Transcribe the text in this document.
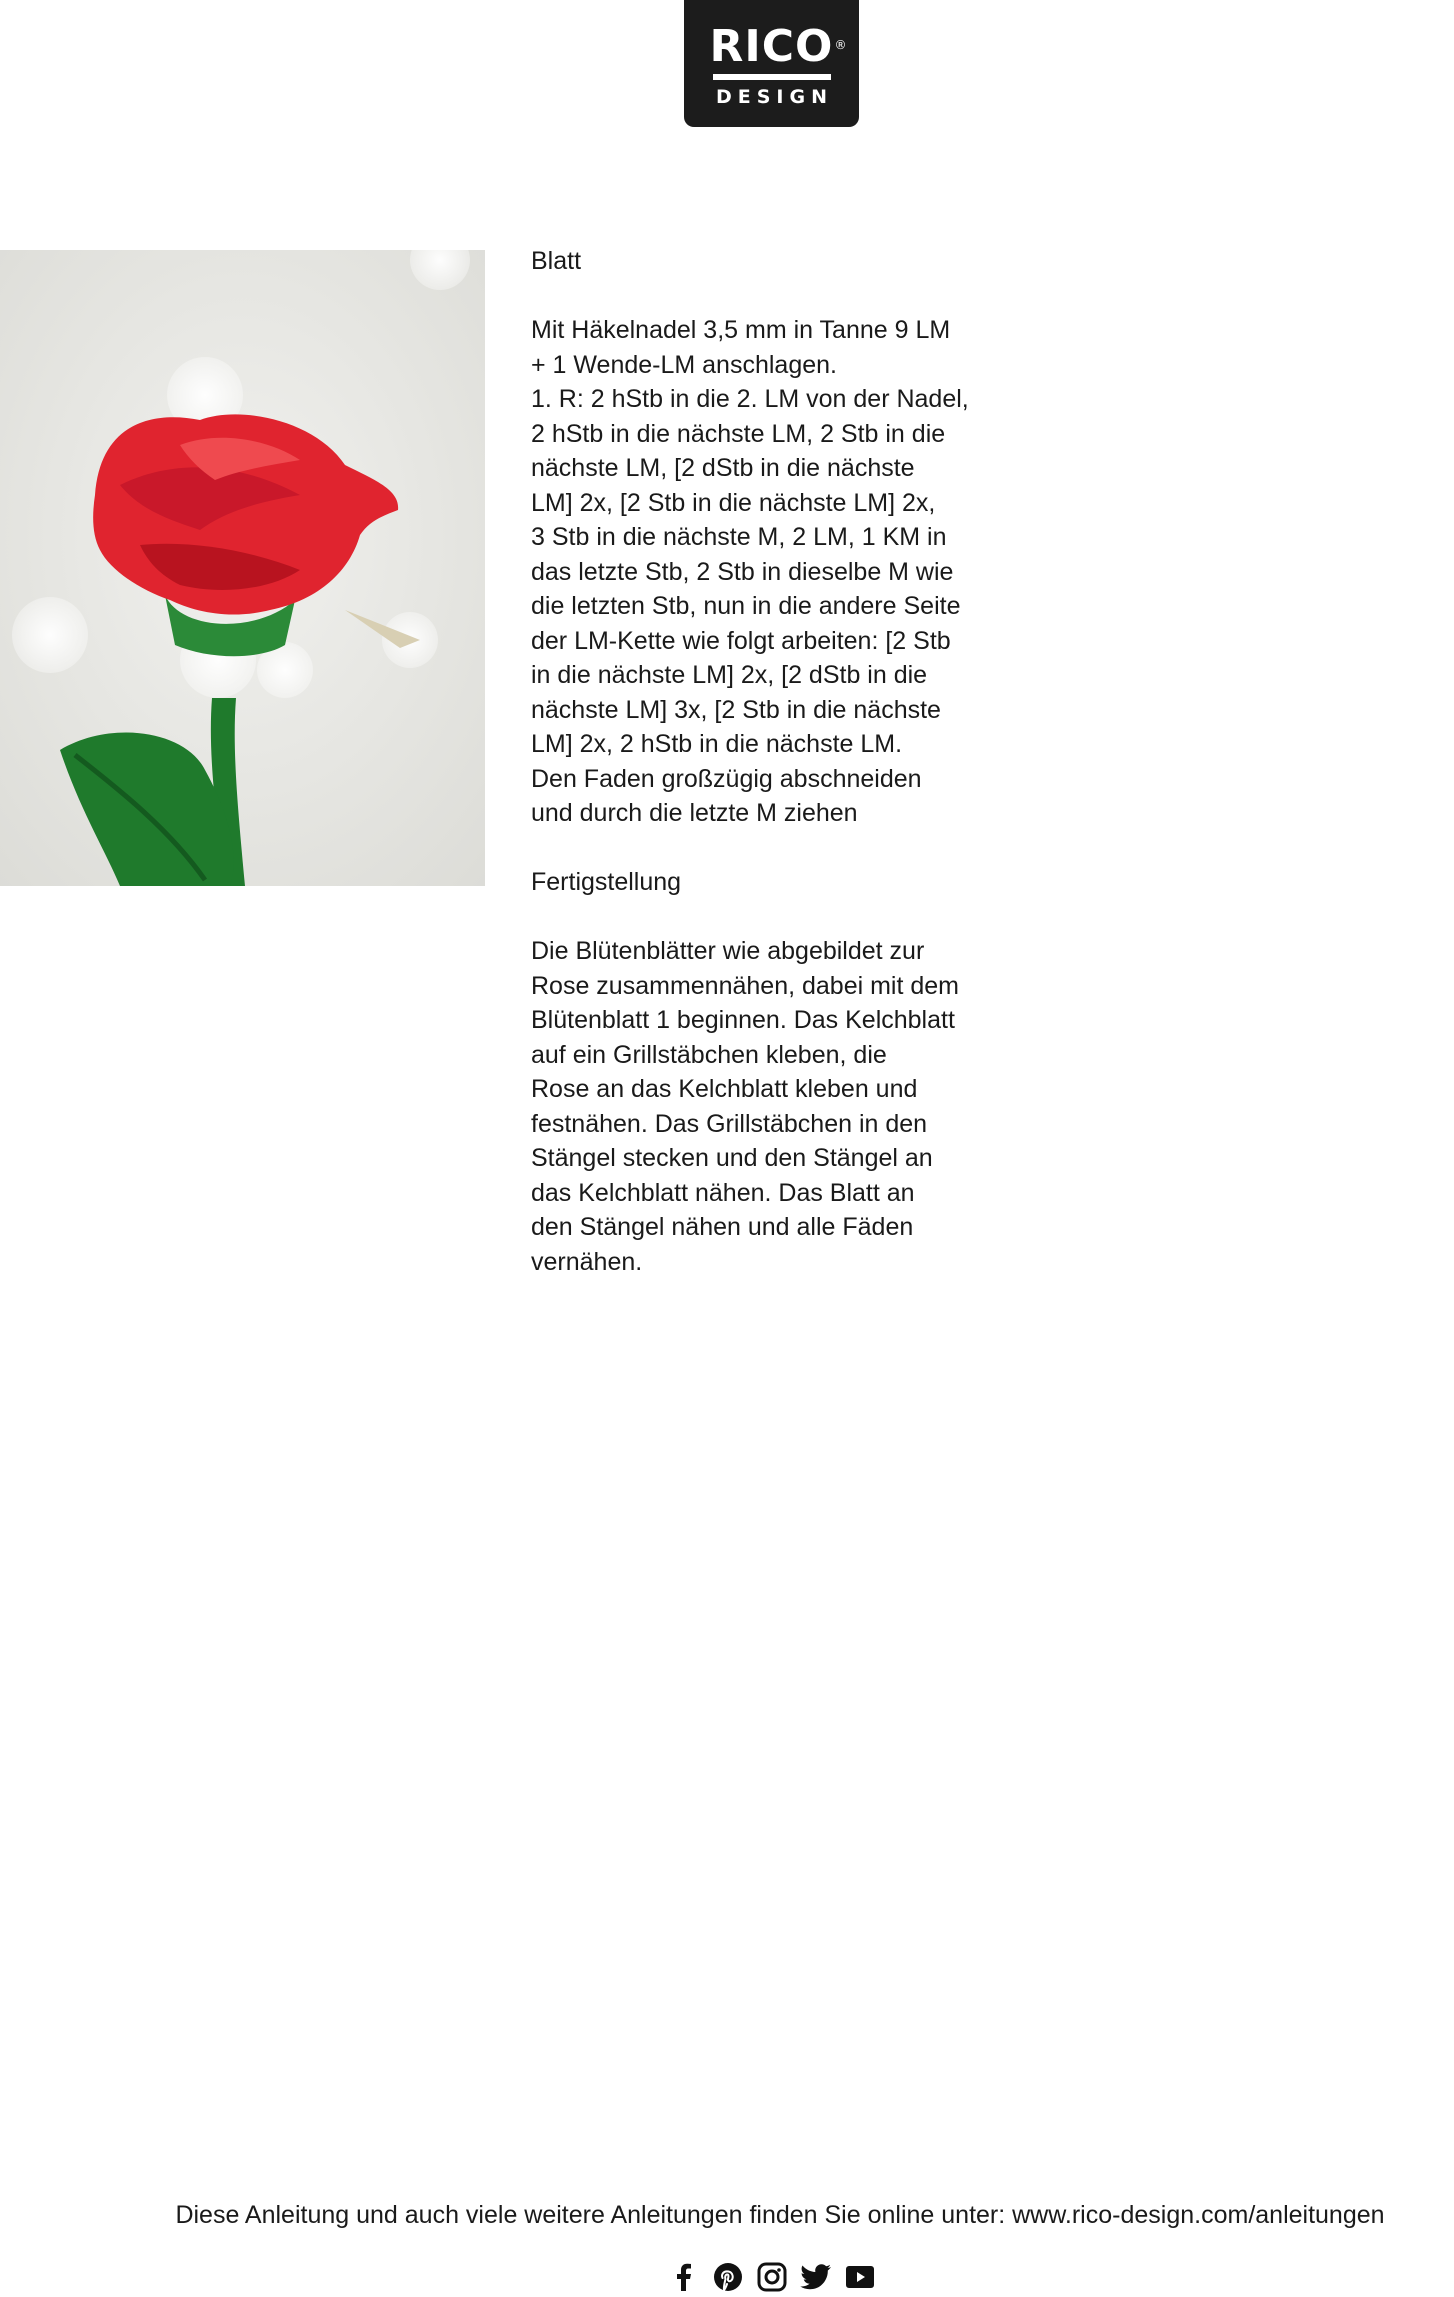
RICO ®
DESIGN
Blatt
Mit Häkelnadel 3,5 mm in Tanne 9 LM
+ 1 Wende-LM anschlagen.
1. R: 2 hStb in die 2. LM von der Nadel,
2 hStb in die nächste LM, 2 Stb in die
nächste LM, [2 dStb in die nächste
LM] 2x, [2 Stb in die nächste LM] 2x,
3 Stb in die nächste M, 2 LM, 1 KM in
das letzte Stb, 2 Stb in dieselbe M wie
die letzten Stb, nun in die andere Seite
der LM-Kette wie folgt arbeiten: [2 Stb
in die nächste LM] 2x, [2 dStb in die
nächste LM] 3x, [2 Stb in die nächste
LM] 2x, 2 hStb in die nächste LM.
Den Faden großzügig abschneiden
und durch die letzte M ziehen
Fertigstellung
Die Blütenblätter wie abgebildet zur
Rose zusammennähen, dabei mit dem
Blütenblatt 1 beginnen. Das Kelchblatt
auf ein Grillstäbchen kleben, die
Rose an das Kelchblatt kleben und
festnähen. Das Grillstäbchen in den
Stängel stecken und den Stängel an
das Kelchblatt nähen. Das Blatt an
den Stängel nähen und alle Fäden
vernähen.
Diese Anleitung und auch viele weitere Anleitungen finden Sie online unter: www.rico-design.com/anleitungen
